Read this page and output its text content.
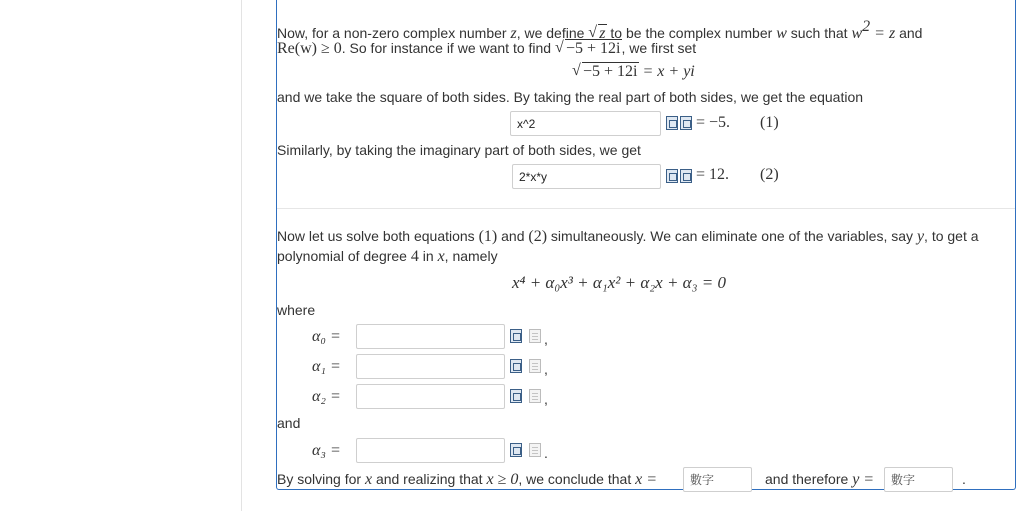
Now, for a non-zero complex number z, we define √ z to be the complex number w such that $w^2 = z$ and
Re(w) ≥ 0. So for instance if we want to find √ −5 + 12i, we first set
√ −5 + 12i = x + yi
and we take the square of both sides. By taking the real part of both sides, we get the equation
x^2	= −5. (1)
Similarly, by taking the imaginary part of both sides, we get
2*x*y	= 12. (2)
Now let us solve both equations (1) and (2) simultaneously. We can eliminate one of the variables, say y, to get a
polynomial of degree 4 in x, namely
x⁴ + α₀x³ + α₁x² + α₂x + α₃ = 0
where
α₀ =	,
α₁ =	,
α₂ =	,
and
α₃ =	.
By solving for x and realizing that x ≥ 0, we conclude that x =	數字	and therefore y =	數字	.
